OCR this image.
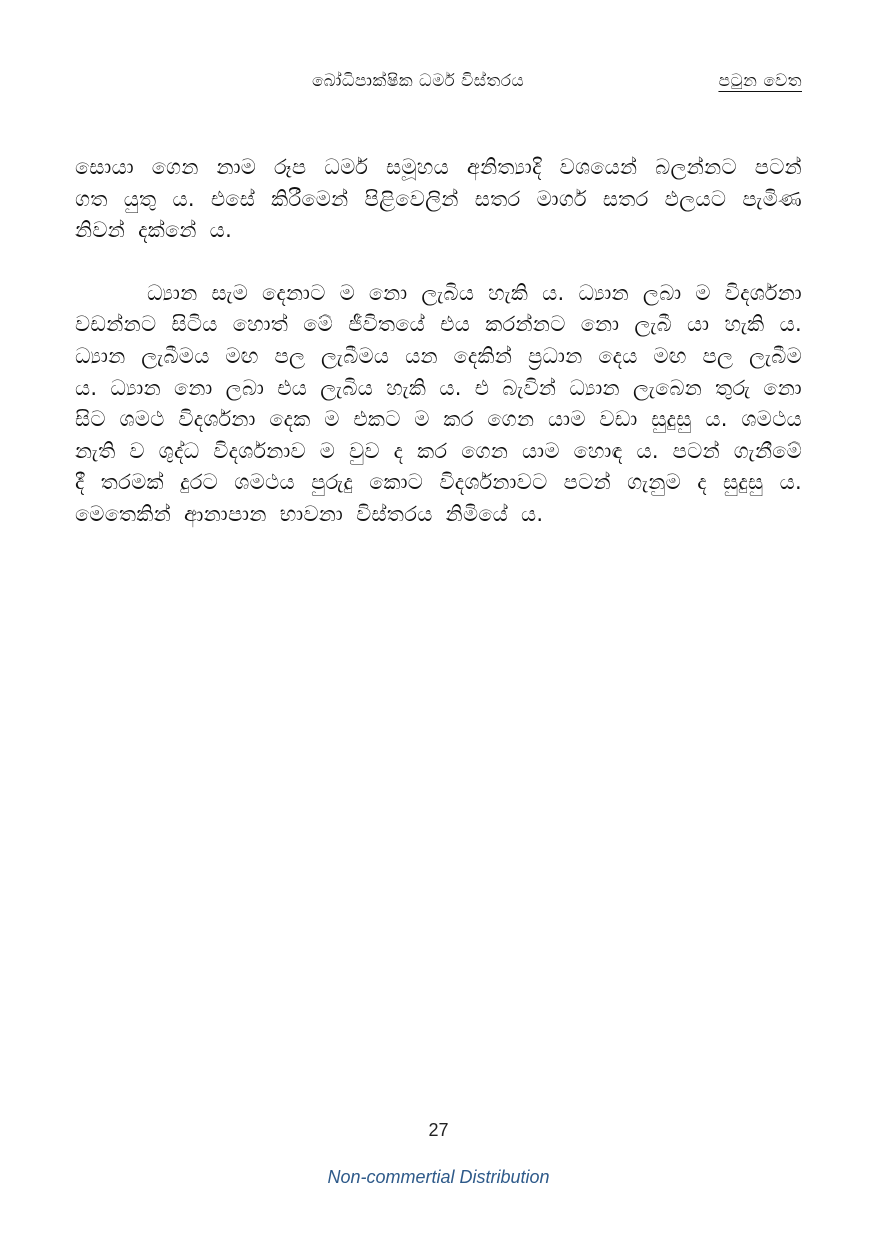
බෝධිපාක්ෂික ධර්ම විස්තරය	පටුන වෙත

සොයා ගෙන නාම රූප ධර්ම සමූහය අනිත්‍යාදි වශයෙන් බලන්නට පටන් ගත යුතු ය. එසේ කිරීමෙන් පිළිවෙලින් සතර මාර්ග සතර ඵලයට පැමිණ නිවන් දක්නේ ය.

ධ්‍යාන සැම දෙනාට ම නො ලැබිය හැකි ය. ධ්‍යාන ලබා ම විදර්ශනා වඩන්නට සිටිය හොත් මේ ජීවිතයේ එය කරන්නට නො ලැබී යා හැකි ය. ධ්‍යාන ලැබීමය මඟ පල ලැබීමය යන දෙකින් ප්‍රධාන දෙය මඟ පල ලැබීම ය. ධ්‍යාන නො ලබා එය ලැබිය හැකි ය. එ බැවින් ධ්‍යාන ලැබෙන තුරු නො සිට ශමථ විදර්ශනා දෙක ම එකට ම කර ගෙන යාම වඩා සුදුසු ය. ශමථය නැති ව ශුද්ධ විදර්ශනාව ම වුව ද කර ගෙන යාම හොඳ ය. පටන් ගැනීමේ දී තරමක් දුරට ශමථය පුරුදු කොට විදර්ශනාවට පටන් ගැනුම ද සුදුසු ය. මෙතෙකින් ආනාපාන භාවනා විස්තරය නිමියේ ය.

27
Non-commertial Distribution
